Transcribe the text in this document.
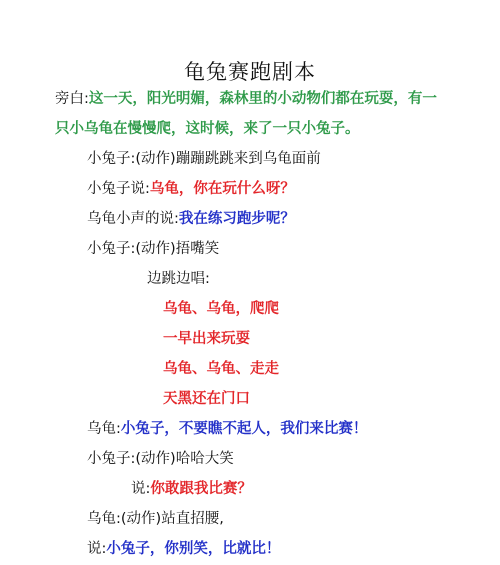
龟兔赛跑剧本
旁白:这一天，阳光明媚，森林里的小动物们都在玩耍，有一
只小乌龟在慢慢爬，这时候，来了一只小兔子。
小兔子:(动作)蹦蹦跳跳来到乌龟面前
小兔子说:乌龟，你在玩什么呀？
乌龟小声的说:我在练习跑步呢？
小兔子:(动作)捂嘴笑
边跳边唱:
乌龟、乌龟，爬爬
一早出来玩耍
乌龟、乌龟、走走
天黑还在门口
乌龟:小兔子，不要瞧不起人，我们来比赛！
小兔子:(动作)哈哈大笑
说:你敢跟我比赛？
乌龟:(动作)站直招腰,
说:小兔子，你别笑，比就比！
